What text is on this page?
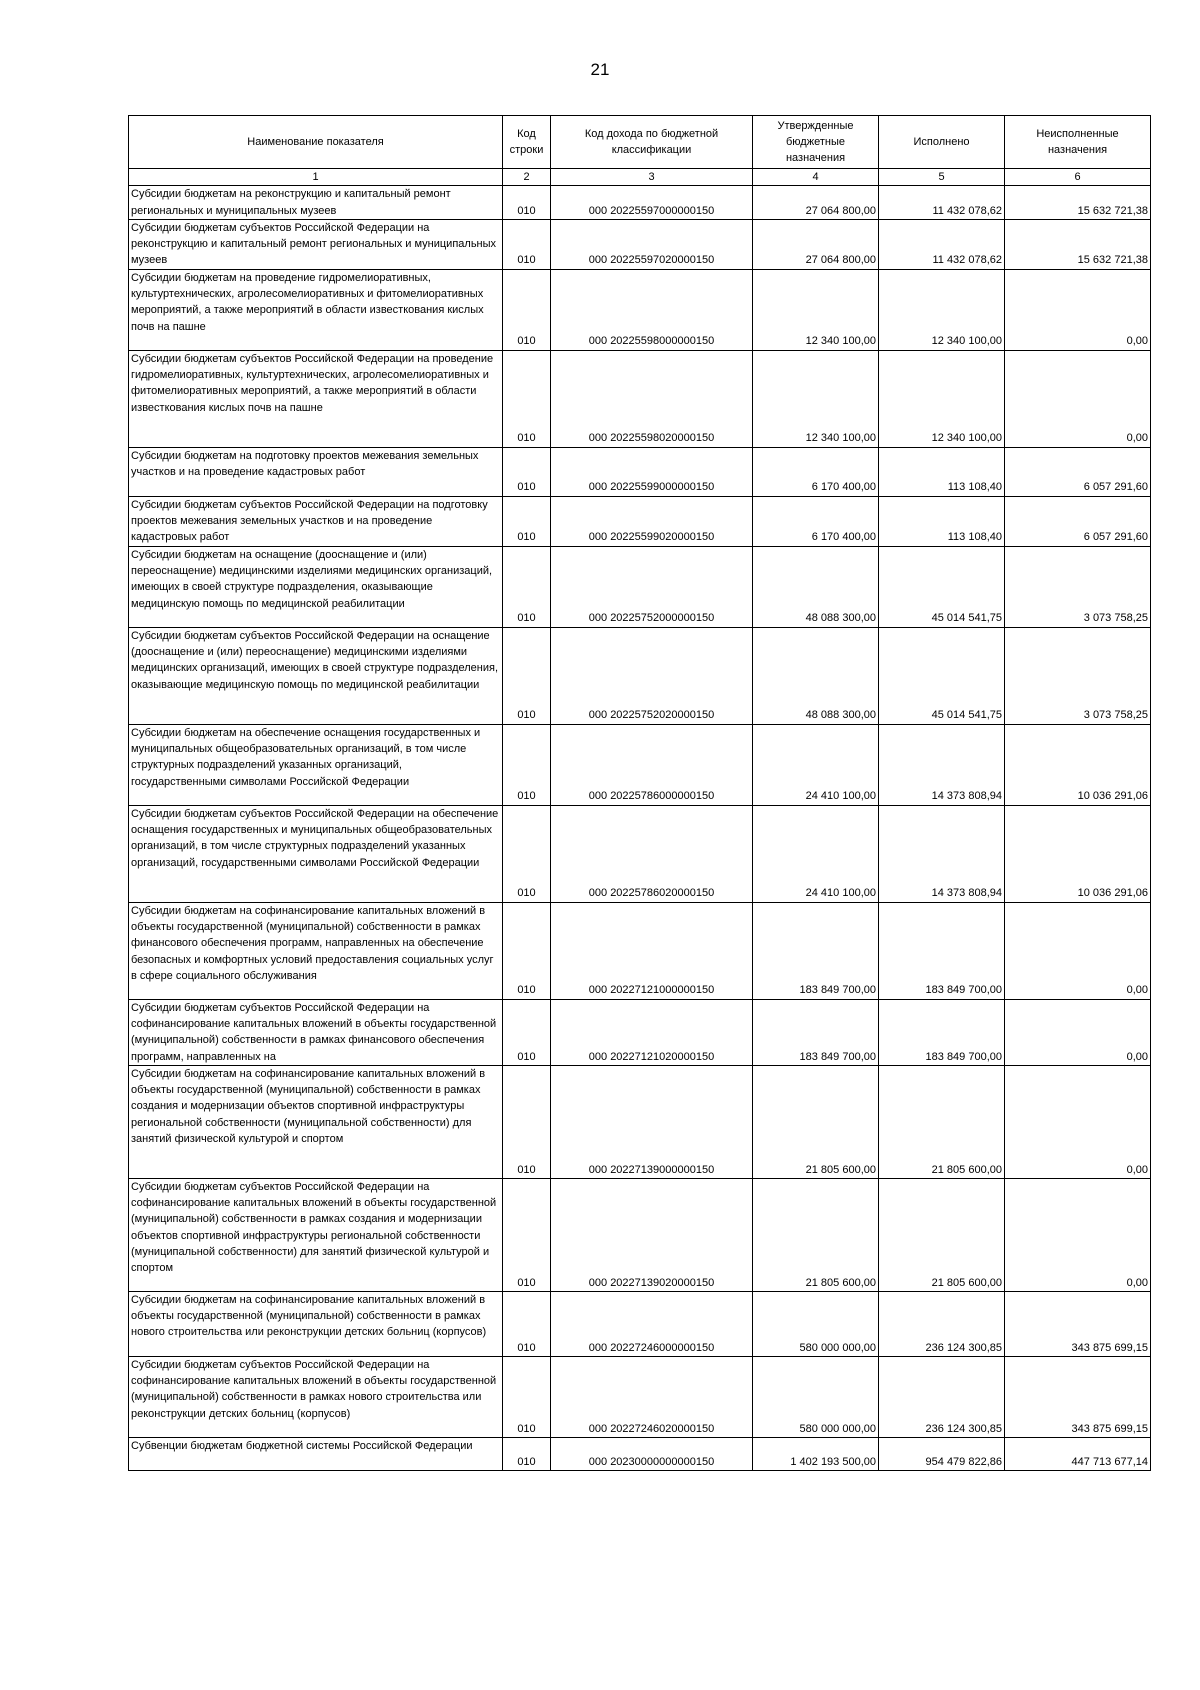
21
Наименование показателя	Код строки	Код дохода по бюджетной классификации	Утвержденные бюджетные назначения	Исполнено	Неисполненные назначения
1	2	3	4	5	6
Субсидии бюджетам на реконструкцию и капитальный ремонт региональных и муниципальных музеев	010	000 20225597000000150	27 064 800,00	11 432 078,62	15 632 721,38
Субсидии бюджетам субъектов Российской Федерации на реконструкцию и капитальный ремонт региональных и муниципальных музеев	010	000 20225597020000150	27 064 800,00	11 432 078,62	15 632 721,38
Субсидии бюджетам на проведение гидромелиоративных, культуртехнических, агролесомелиоративных и фитомелиоративных мероприятий, а также мероприятий в области известкования кислых почв на пашне	010	000 20225598000000150	12 340 100,00	12 340 100,00	0,00
Субсидии бюджетам субъектов Российской Федерации на проведение гидромелиоративных, культуртехнических, агролесомелиоративных и фитомелиоративных мероприятий, а также мероприятий в области известкования кислых почв на пашне	010	000 20225598020000150	12 340 100,00	12 340 100,00	0,00
Субсидии бюджетам на подготовку проектов межевания земельных участков и на проведение кадастровых работ	010	000 20225599000000150	6 170 400,00	113 108,40	6 057 291,60
Субсидии бюджетам субъектов Российской Федерации на подготовку проектов межевания земельных участков и на проведение кадастровых работ	010	000 20225599020000150	6 170 400,00	113 108,40	6 057 291,60
Субсидии бюджетам на оснащение (дооснащение и (или) переоснащение) медицинскими изделиями медицинских организаций, имеющих в своей структуре подразделения, оказывающие медицинскую помощь по медицинской реабилитации	010	000 20225752000000150	48 088 300,00	45 014 541,75	3 073 758,25
Субсидии бюджетам субъектов Российской Федерации на оснащение (дооснащение и (или) переоснащение) медицинскими изделиями медицинских организаций, имеющих в своей структуре подразделения, оказывающие медицинскую помощь по медицинской реабилитации	010	000 20225752020000150	48 088 300,00	45 014 541,75	3 073 758,25
Субсидии бюджетам на обеспечение оснащения государственных и муниципальных общеобразовательных организаций, в том числе структурных подразделений указанных организаций, государственными символами Российской Федерации	010	000 20225786000000150	24 410 100,00	14 373 808,94	10 036 291,06
Субсидии бюджетам субъектов Российской Федерации на обеспечение оснащения государственных и муниципальных общеобразовательных организаций, в том числе структурных подразделений указанных организаций, государственными символами Российской Федерации	010	000 20225786020000150	24 410 100,00	14 373 808,94	10 036 291,06
Субсидии бюджетам на софинансирование капитальных вложений в объекты государственной (муниципальной) собственности в рамках финансового обеспечения программ, направленных на обеспечение безопасных и комфортных условий предоставления социальных услуг в сфере социального обслуживания	010	000 20227121000000150	183 849 700,00	183 849 700,00	0,00
Субсидии бюджетам субъектов Российской Федерации на софинансирование капитальных вложений в объекты государственной (муниципальной) собственности в рамках финансового обеспечения программ, направленных на	010	000 20227121020000150	183 849 700,00	183 849 700,00	0,00
Субсидии бюджетам на софинансирование капитальных вложений в объекты государственной (муниципальной) собственности в рамках создания и модернизации объектов спортивной инфраструктуры региональной собственности (муниципальной собственности) для занятий физической культурой и спортом	010	000 20227139000000150	21 805 600,00	21 805 600,00	0,00
Субсидии бюджетам субъектов Российской Федерации на софинансирование капитальных вложений в объекты государственной (муниципальной) собственности в рамках создания и модернизации объектов спортивной инфраструктуры региональной собственности (муниципальной собственности) для занятий физической культурой и спортом	010	000 20227139020000150	21 805 600,00	21 805 600,00	0,00
Субсидии бюджетам на софинансирование капитальных вложений в объекты государственной (муниципальной) собственности в рамках нового строительства или реконструкции детских больниц (корпусов)	010	000 20227246000000150	580 000 000,00	236 124 300,85	343 875 699,15
Субсидии бюджетам субъектов Российской Федерации на софинансирование капитальных вложений в объекты государственной (муниципальной) собственности в рамках нового строительства или реконструкции детских больниц (корпусов)	010	000 20227246020000150	580 000 000,00	236 124 300,85	343 875 699,15
Субвенции бюджетам бюджетной системы Российской Федерации	010	000 20230000000000150	1 402 193 500,00	954 479 822,86	447 713 677,14
